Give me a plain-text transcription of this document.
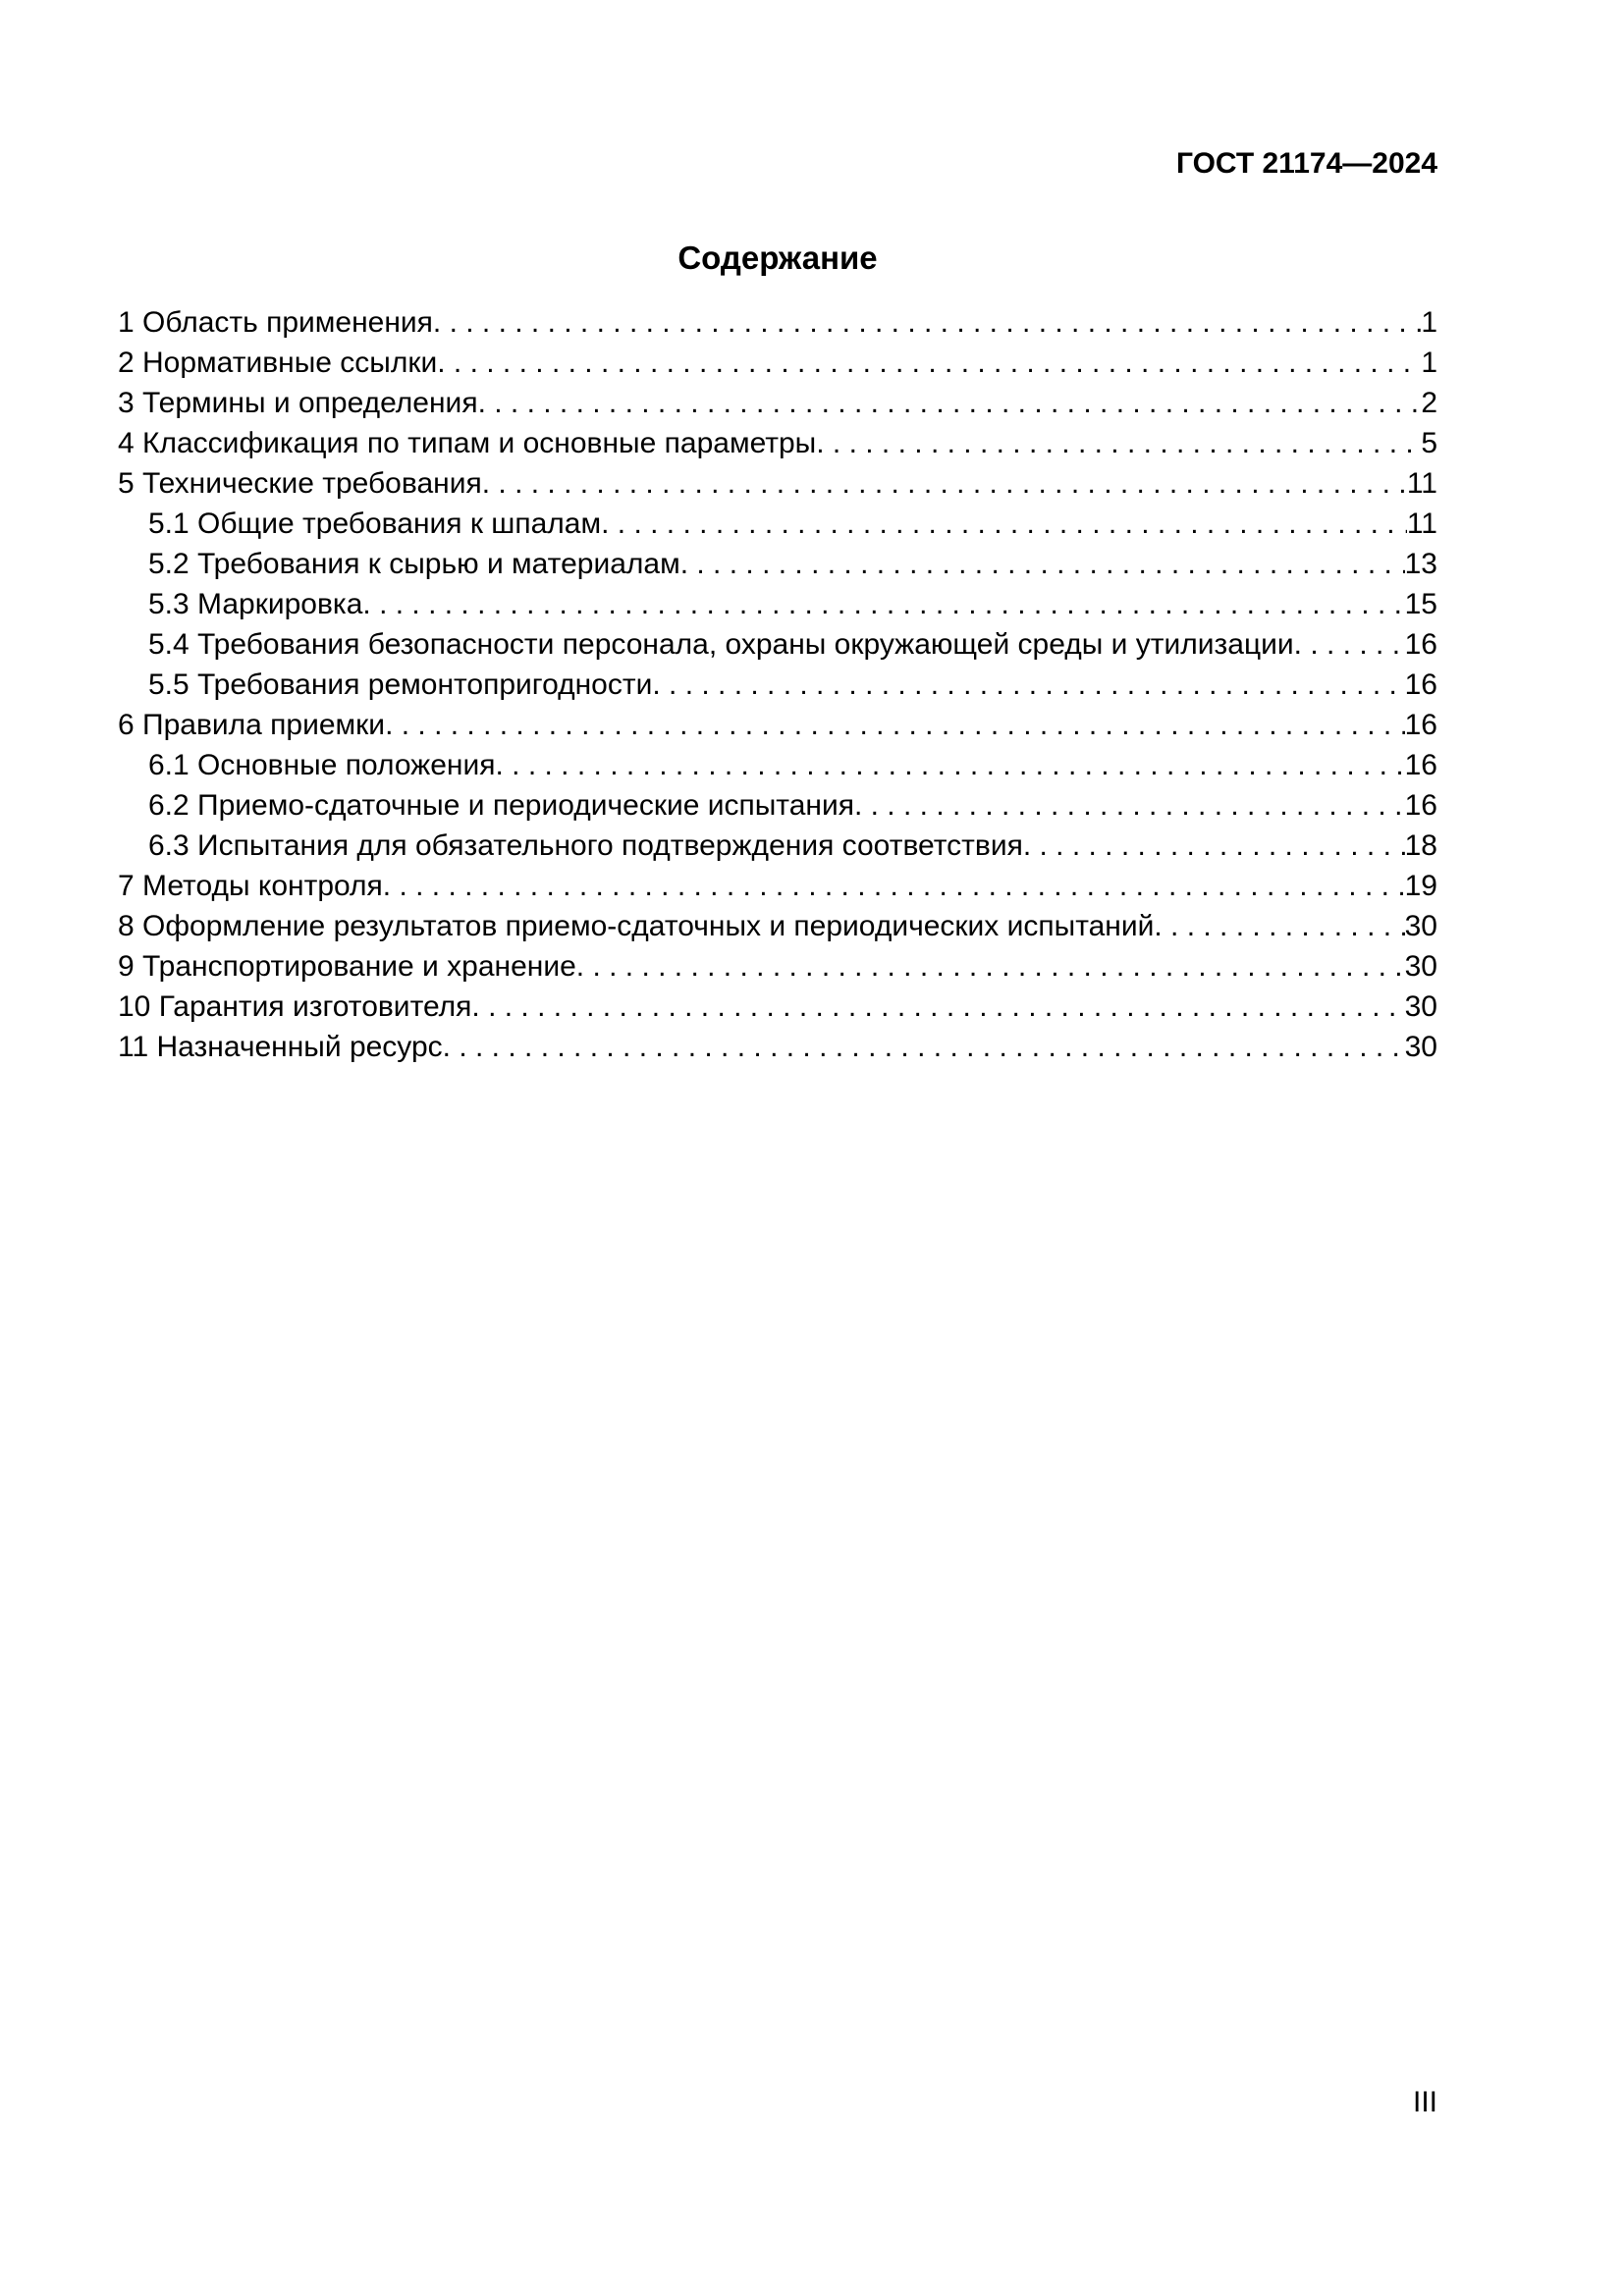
ГОСТ 21174—2024
Содержание
1 Область применения . . .	1
2 Нормативные ссылки . . .	1
3 Термины и определения . . .	2
4 Классификация по типам и основные параметры . . .	5
5 Технические требования . . .	11
5.1 Общие требования к шпалам . . .	11
5.2 Требования к сырью и материалам . . .	13
5.3 Маркировка . . .	15
5.4 Требования безопасности персонала, охраны окружающей среды и утилизации . . .	16
5.5 Требования ремонтопригодности . . .	16
6 Правила приемки . . .	16
6.1 Основные положения . . .	16
6.2 Приемо-сдаточные и периодические испытания . . .	16
6.3 Испытания для обязательного подтверждения соответствия . . .	18
7 Методы контроля . . .	19
8 Оформление результатов приемо-сдаточных и периодических испытаний . . .	30
9 Транспортирование и хранение . . .	30
10 Гарантия изготовителя . . .	30
11 Назначенный ресурс . . .	30
III
